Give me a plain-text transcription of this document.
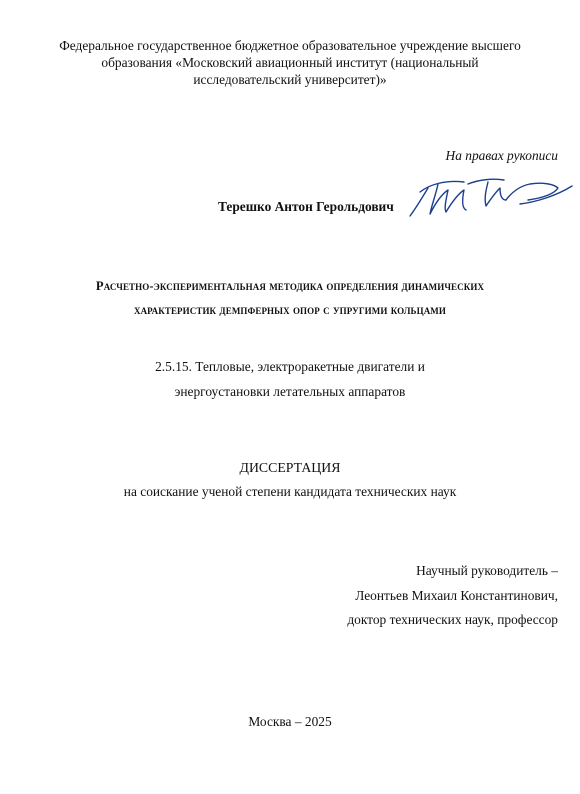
Федеральное государственное бюджетное образовательное учреждение высшего
образования «Московский авиационный институт (национальный
исследовательский университет)»
На правах рукописи
Терешко Антон Герольдович
Расчетно-экспериментальная методика определения динамических
характеристик демпферных опор с упругими кольцами
2.5.15. Тепловые, электроракетные двигатели и
энергоустановки летательных аппаратов
ДИССЕРТАЦИЯ
на соискание ученой степени кандидата технических наук
Научный руководитель –
Леонтьев Михаил Константинович,
доктор технических наук, профессор
Москва – 2025
